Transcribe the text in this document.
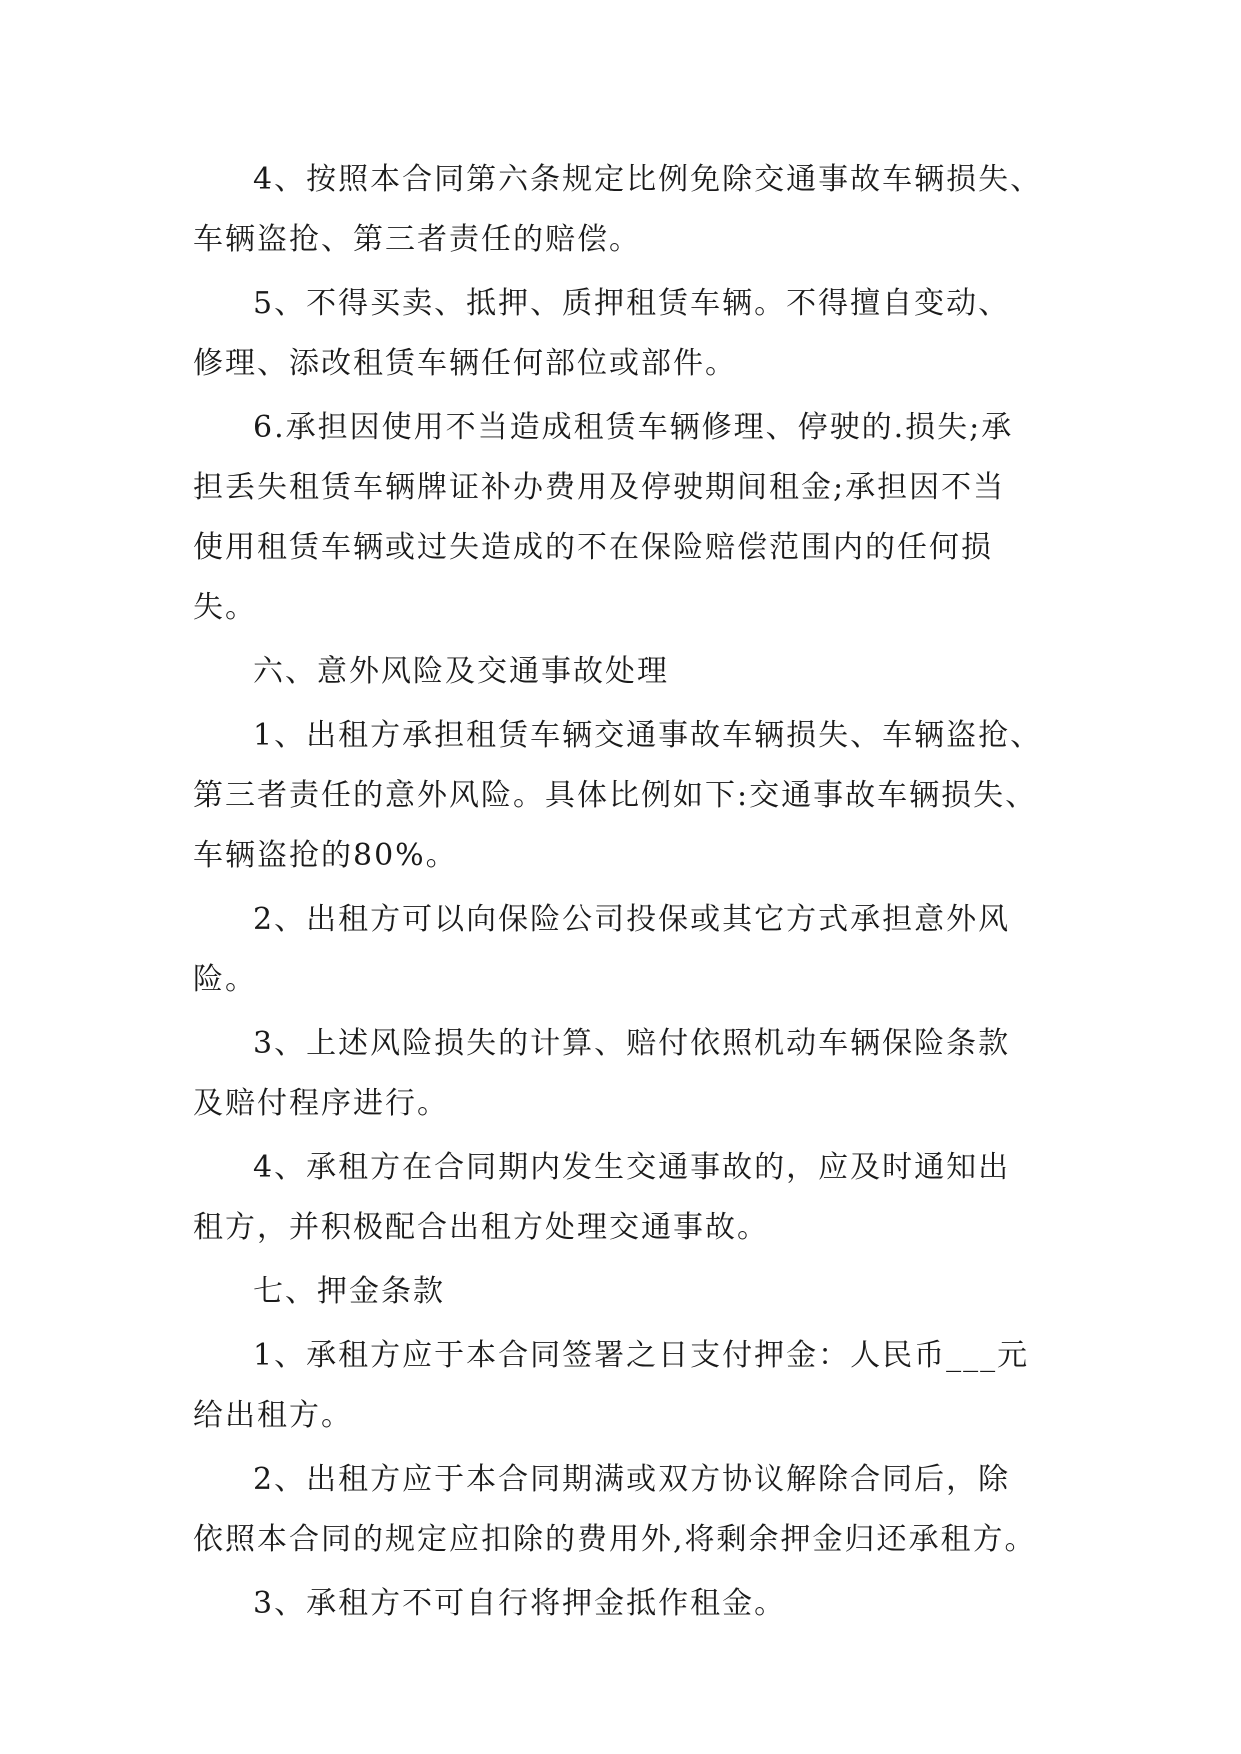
4、按照本合同第六条规定比例免除交通事故车辆损失、
车辆盗抢、第三者责任的赔偿。
5、不得买卖、抵押、质押租赁车辆。不得擅自变动、
修理、添改租赁车辆任何部位或部件。
6.承担因使用不当造成租赁车辆修理、停驶的.损失;承
担丢失租赁车辆牌证补办费用及停驶期间租金;承担因不当
使用租赁车辆或过失造成的不在保险赔偿范围内的任何损
失。
六、意外风险及交通事故处理
1、出租方承担租赁车辆交通事故车辆损失、车辆盗抢、
第三者责任的意外风险。具体比例如下:交通事故车辆损失、
车辆盗抢的80%。
2、出租方可以向保险公司投保或其它方式承担意外风
险。
3、上述风险损失的计算、赔付依照机动车辆保险条款
及赔付程序进行。
4、承租方在合同期内发生交通事故的，应及时通知出
租方，并积极配合出租方处理交通事故。
七、押金条款
1、承租方应于本合同签署之日支付押金：人民币___元
给出租方。
2、出租方应于本合同期满或双方协议解除合同后，除
依照本合同的规定应扣除的费用外,将剩余押金归还承租方。
3、承租方不可自行将押金抵作租金。
